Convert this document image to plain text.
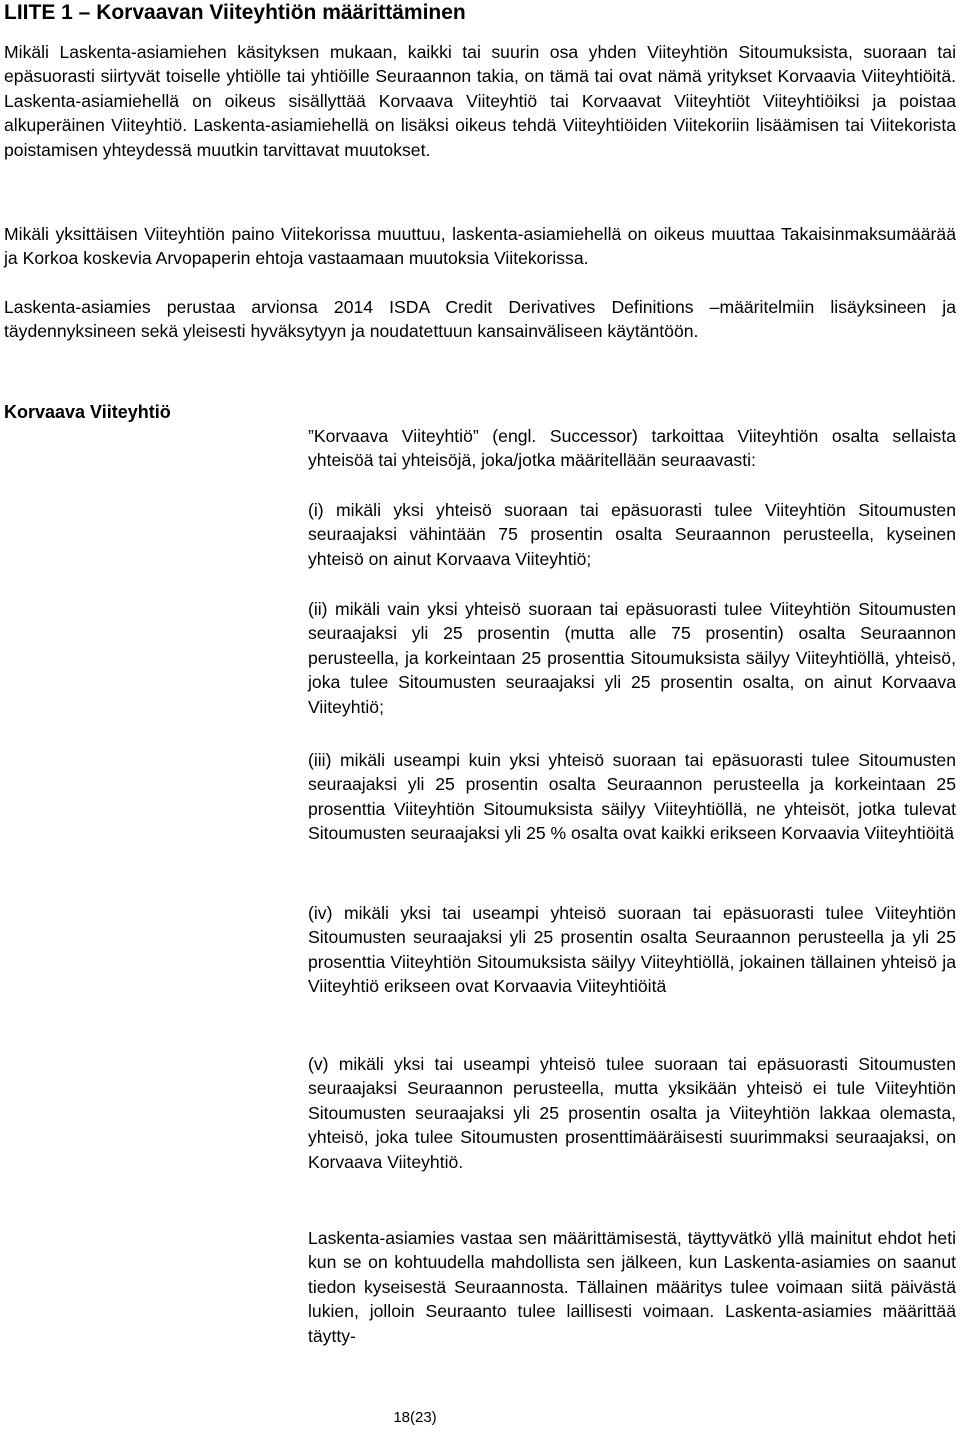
LIITE 1 – Korvaavan Viiteyhtiön määrittäminen

Mikäli Laskenta-asiamiehen käsityksen mukaan, kaikki tai suurin osa yhden Viiteyhtiön Sitoumuksista, suoraan tai epäsuorasti siirtyvät toiselle yhtiölle tai yhtiöille Seuraannon takia, on tämä tai ovat nämä yritykset Korvaavia Viiteyhtiöitä. Laskenta-asiamiehellä on oikeus sisällyttää Korvaava Viiteyhtiö tai Korvaavat Viiteyhtiöt Viiteyhtiöiksi ja poistaa alkuperäinen Viiteyhtiö. Laskenta-asiamiehellä on lisäksi oikeus tehdä Viiteyhtiöiden Viitekoriin lisäämisen tai Viitekorista poistamisen yhteydessä muutkin tarvittavat muutokset.

Mikäli yksittäisen Viiteyhtiön paino Viitekorissa muuttuu, laskenta-asiamiehellä on oikeus muuttaa Takaisinmaksumäärää ja Korkoa koskevia Arvopaperin ehtoja vastaamaan muutoksia Viitekorissa.

Laskenta-asiamies perustaa arvionsa 2014 ISDA Credit Derivatives Definitions –määritelmiin lisäyksineen ja täydennyksineen sekä yleisesti hyväksytyyn ja noudatettuun kansainväliseen käytäntöön.

Korvaava Viiteyhtiö

”Korvaava Viiteyhtiö” (engl. Successor) tarkoittaa Viiteyhtiön osalta sellaista yhteisöä tai yhteisöjä, joka/jotka määritellään seuraavasti:

(i) mikäli yksi yhteisö suoraan tai epäsuorasti tulee Viiteyhtiön Sitoumusten seuraajaksi vähintään 75 prosentin osalta Seuraannon perusteella, kyseinen yhteisö on ainut Korvaava Viiteyhtiö;

(ii) mikäli vain yksi yhteisö suoraan tai epäsuorasti tulee Viiteyhtiön Sitoumusten seuraajaksi yli 25 prosentin (mutta alle 75 prosentin) osalta Seuraannon perusteella, ja korkeintaan 25 prosenttia Sitoumuksista säilyy Viiteyhtiöllä, yhteisö, joka tulee Sitoumusten seuraajaksi yli 25 prosentin osalta, on ainut Korvaava Viiteyhtiö;

(iii) mikäli useampi kuin yksi yhteisö suoraan tai epäsuorasti tulee Sitoumusten seuraajaksi yli 25 prosentin osalta Seuraannon perusteella ja korkeintaan 25 prosenttia Viiteyhtiön Sitoumuksista säilyy Viiteyhtiöllä, ne yhteisöt, jotka tulevat Sitoumusten seuraajaksi yli 25 % osalta ovat kaikki erikseen Korvaavia Viiteyhtiöitä

(iv) mikäli yksi tai useampi yhteisö suoraan tai epäsuorasti tulee Viiteyhtiön Sitoumusten seuraajaksi yli 25 prosentin osalta Seuraannon perusteella ja yli 25 prosenttia Viiteyhtiön Sitoumuksista säilyy Viiteyhtiöllä, jokainen tällainen yhteisö ja Viiteyhtiö erikseen ovat Korvaavia Viiteyhtiöitä

(v) mikäli yksi tai useampi yhteisö tulee suoraan tai epäsuorasti Sitoumusten seuraajaksi Seuraannon perusteella, mutta yksikään yhteisö ei tule Viiteyhtiön Sitoumusten seuraajaksi yli 25 prosentin osalta ja Viiteyhtiön lakkaa olemasta, yhteisö, joka tulee Sitoumusten prosenttimääräisesti suurimmaksi seuraajaksi, on Korvaava Viiteyhtiö.

Laskenta-asiamies vastaa sen määrittämisestä, täyttyvätkö yllä mainitut ehdot heti kun se on kohtuudella mahdollista sen jälkeen, kun Laskenta-asiamies on saanut tiedon kyseisestä Seuraannosta. Tällainen määritys tulee voimaan siitä päivästä lukien, jolloin Seuraanto tulee laillisesti voimaan. Laskenta-asiamies määrittää täytty-

18(23)
